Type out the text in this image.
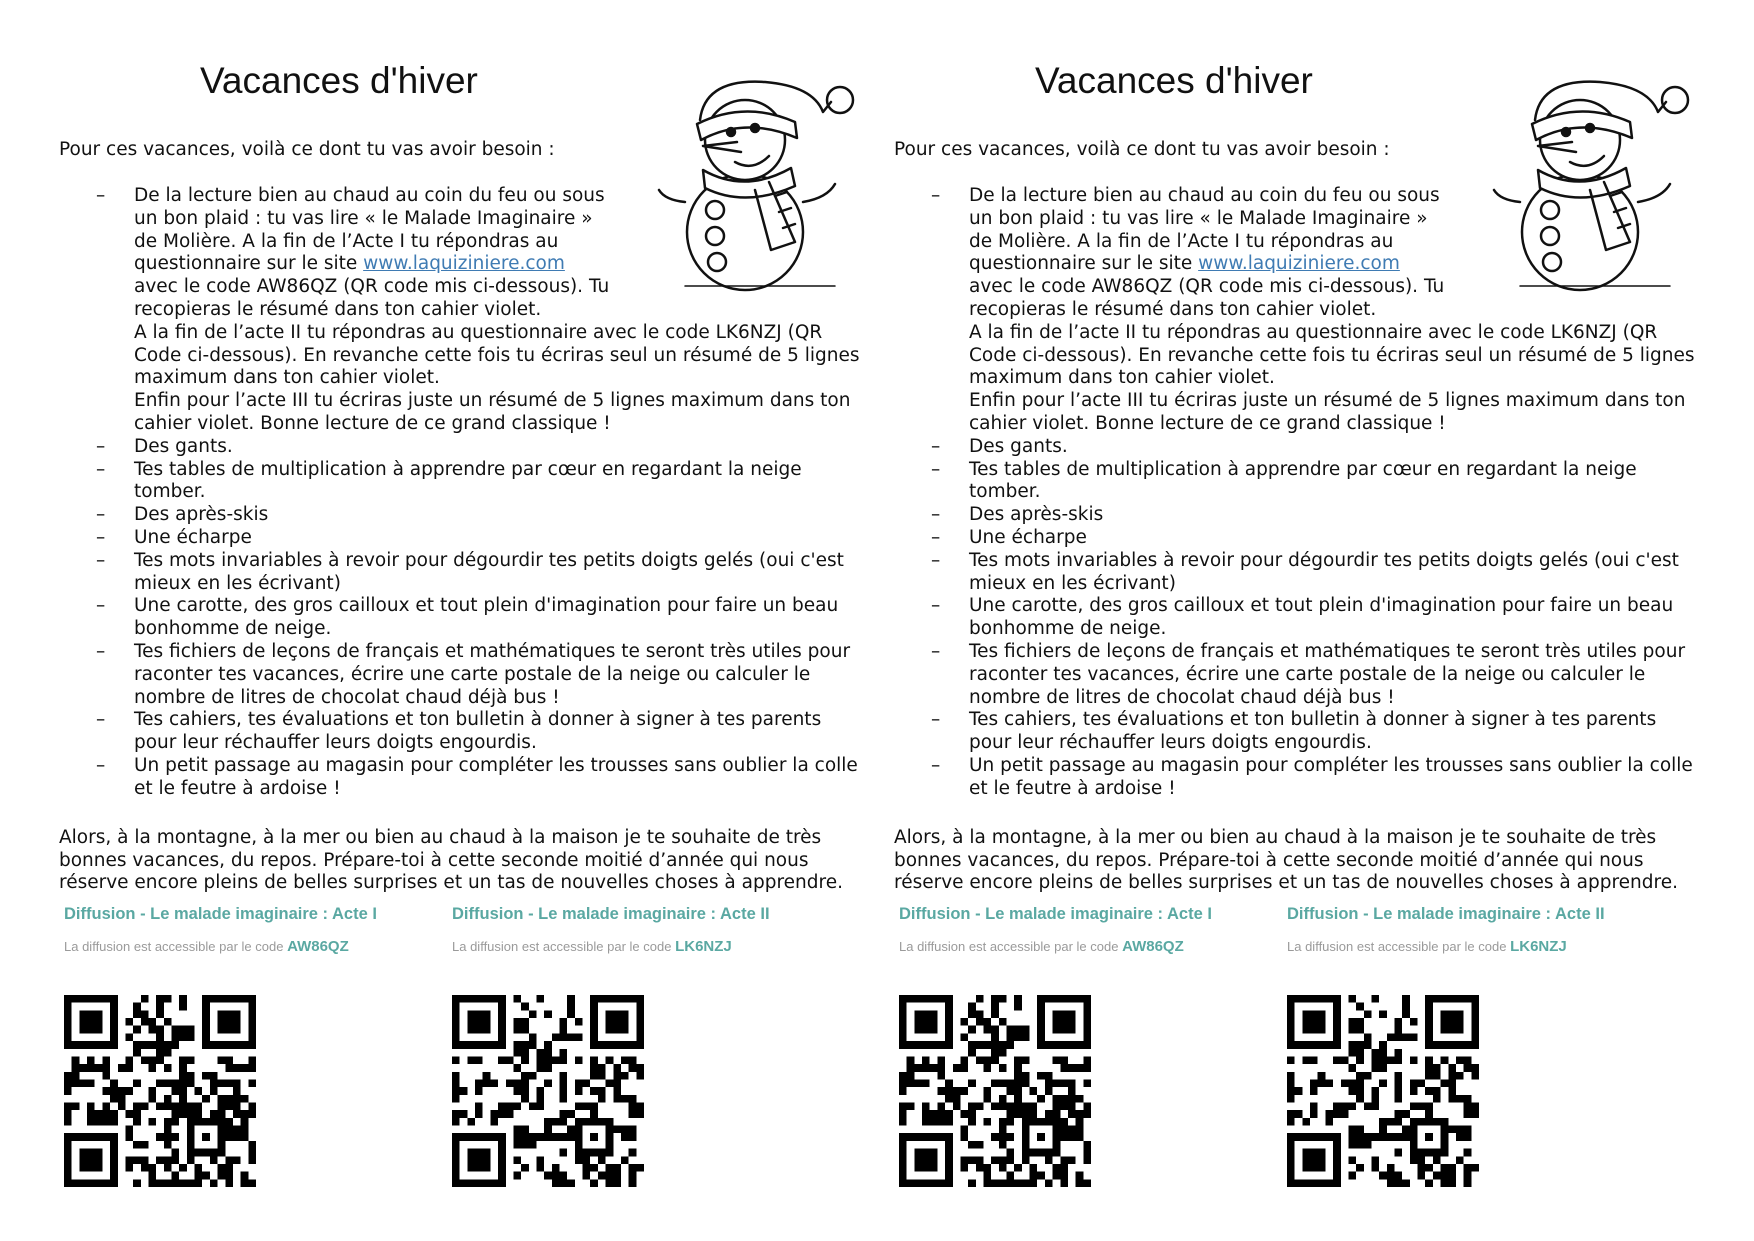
Vacances d'hiver
Pour ces vacances, voilà ce dont tu vas avoir besoin :
– De la lecture bien au chaud au coin du feu ou sous
un bon plaid : tu vas lire « le Malade Imaginaire »
de Molière. A la fin de l’Acte I tu répondras au
questionnaire sur le site www.laquiziniere.com
avec le code AW86QZ (QR code mis ci-dessous). Tu
recopieras le résumé dans ton cahier violet.
A la fin de l’acte II tu répondras au questionnaire avec le code LK6NZJ (QR Code ci-dessous). En revanche cette fois tu écriras seul un résumé de 5 lignes maximum dans ton cahier violet.
Enfin pour l’acte III tu écriras juste un résumé de 5 lignes maximum dans ton cahier violet. Bonne lecture de ce grand classique !
– Des gants.
– Tes tables de multiplication à apprendre par cœur en regardant la neige tomber.
– Des après-skis
– Une écharpe
– Tes mots invariables à revoir pour dégourdir tes petits doigts gelés (oui c'est mieux en les écrivant)
– Une carotte, des gros cailloux et tout plein d'imagination pour faire un beau bonhomme de neige.
– Tes fichiers de leçons de français et mathématiques te seront très utiles pour raconter tes vacances, écrire une carte postale de la neige ou calculer le nombre de litres de chocolat chaud déjà bus !
– Tes cahiers, tes évaluations et ton bulletin à donner à signer à tes parents pour leur réchauffer leurs doigts engourdis.
– Un petit passage au magasin pour compléter les trousses sans oublier la colle et le feutre à ardoise !
Alors, à la montagne, à la mer ou bien au chaud à la maison je te souhaite de très bonnes vacances, du repos. Prépare-toi à cette seconde moitié d’année qui nous réserve encore pleins de belles surprises et un tas de nouvelles choses à apprendre.
Diffusion - Le malade imaginaire : Acte I
La diffusion est accessible par le code AW86QZ
Diffusion - Le malade imaginaire : Acte II
La diffusion est accessible par le code LK6NZJ
Vacances d'hiver
Pour ces vacances, voilà ce dont tu vas avoir besoin :
– De la lecture bien au chaud au coin du feu ou sous
un bon plaid : tu vas lire « le Malade Imaginaire »
de Molière. A la fin de l’Acte I tu répondras au
questionnaire sur le site www.laquiziniere.com
avec le code AW86QZ (QR code mis ci-dessous). Tu
recopieras le résumé dans ton cahier violet.
A la fin de l’acte II tu répondras au questionnaire avec le code LK6NZJ (QR Code ci-dessous). En revanche cette fois tu écriras seul un résumé de 5 lignes maximum dans ton cahier violet.
Enfin pour l’acte III tu écriras juste un résumé de 5 lignes maximum dans ton cahier violet. Bonne lecture de ce grand classique !
– Des gants.
– Tes tables de multiplication à apprendre par cœur en regardant la neige tomber.
– Des après-skis
– Une écharpe
– Tes mots invariables à revoir pour dégourdir tes petits doigts gelés (oui c'est mieux en les écrivant)
– Une carotte, des gros cailloux et tout plein d'imagination pour faire un beau bonhomme de neige.
– Tes fichiers de leçons de français et mathématiques te seront très utiles pour raconter tes vacances, écrire une carte postale de la neige ou calculer le nombre de litres de chocolat chaud déjà bus !
– Tes cahiers, tes évaluations et ton bulletin à donner à signer à tes parents pour leur réchauffer leurs doigts engourdis.
– Un petit passage au magasin pour compléter les trousses sans oublier la colle et le feutre à ardoise !
Alors, à la montagne, à la mer ou bien au chaud à la maison je te souhaite de très bonnes vacances, du repos. Prépare-toi à cette seconde moitié d’année qui nous réserve encore pleins de belles surprises et un tas de nouvelles choses à apprendre.
Diffusion - Le malade imaginaire : Acte I
La diffusion est accessible par le code AW86QZ
Diffusion - Le malade imaginaire : Acte II
La diffusion est accessible par le code LK6NZJ
